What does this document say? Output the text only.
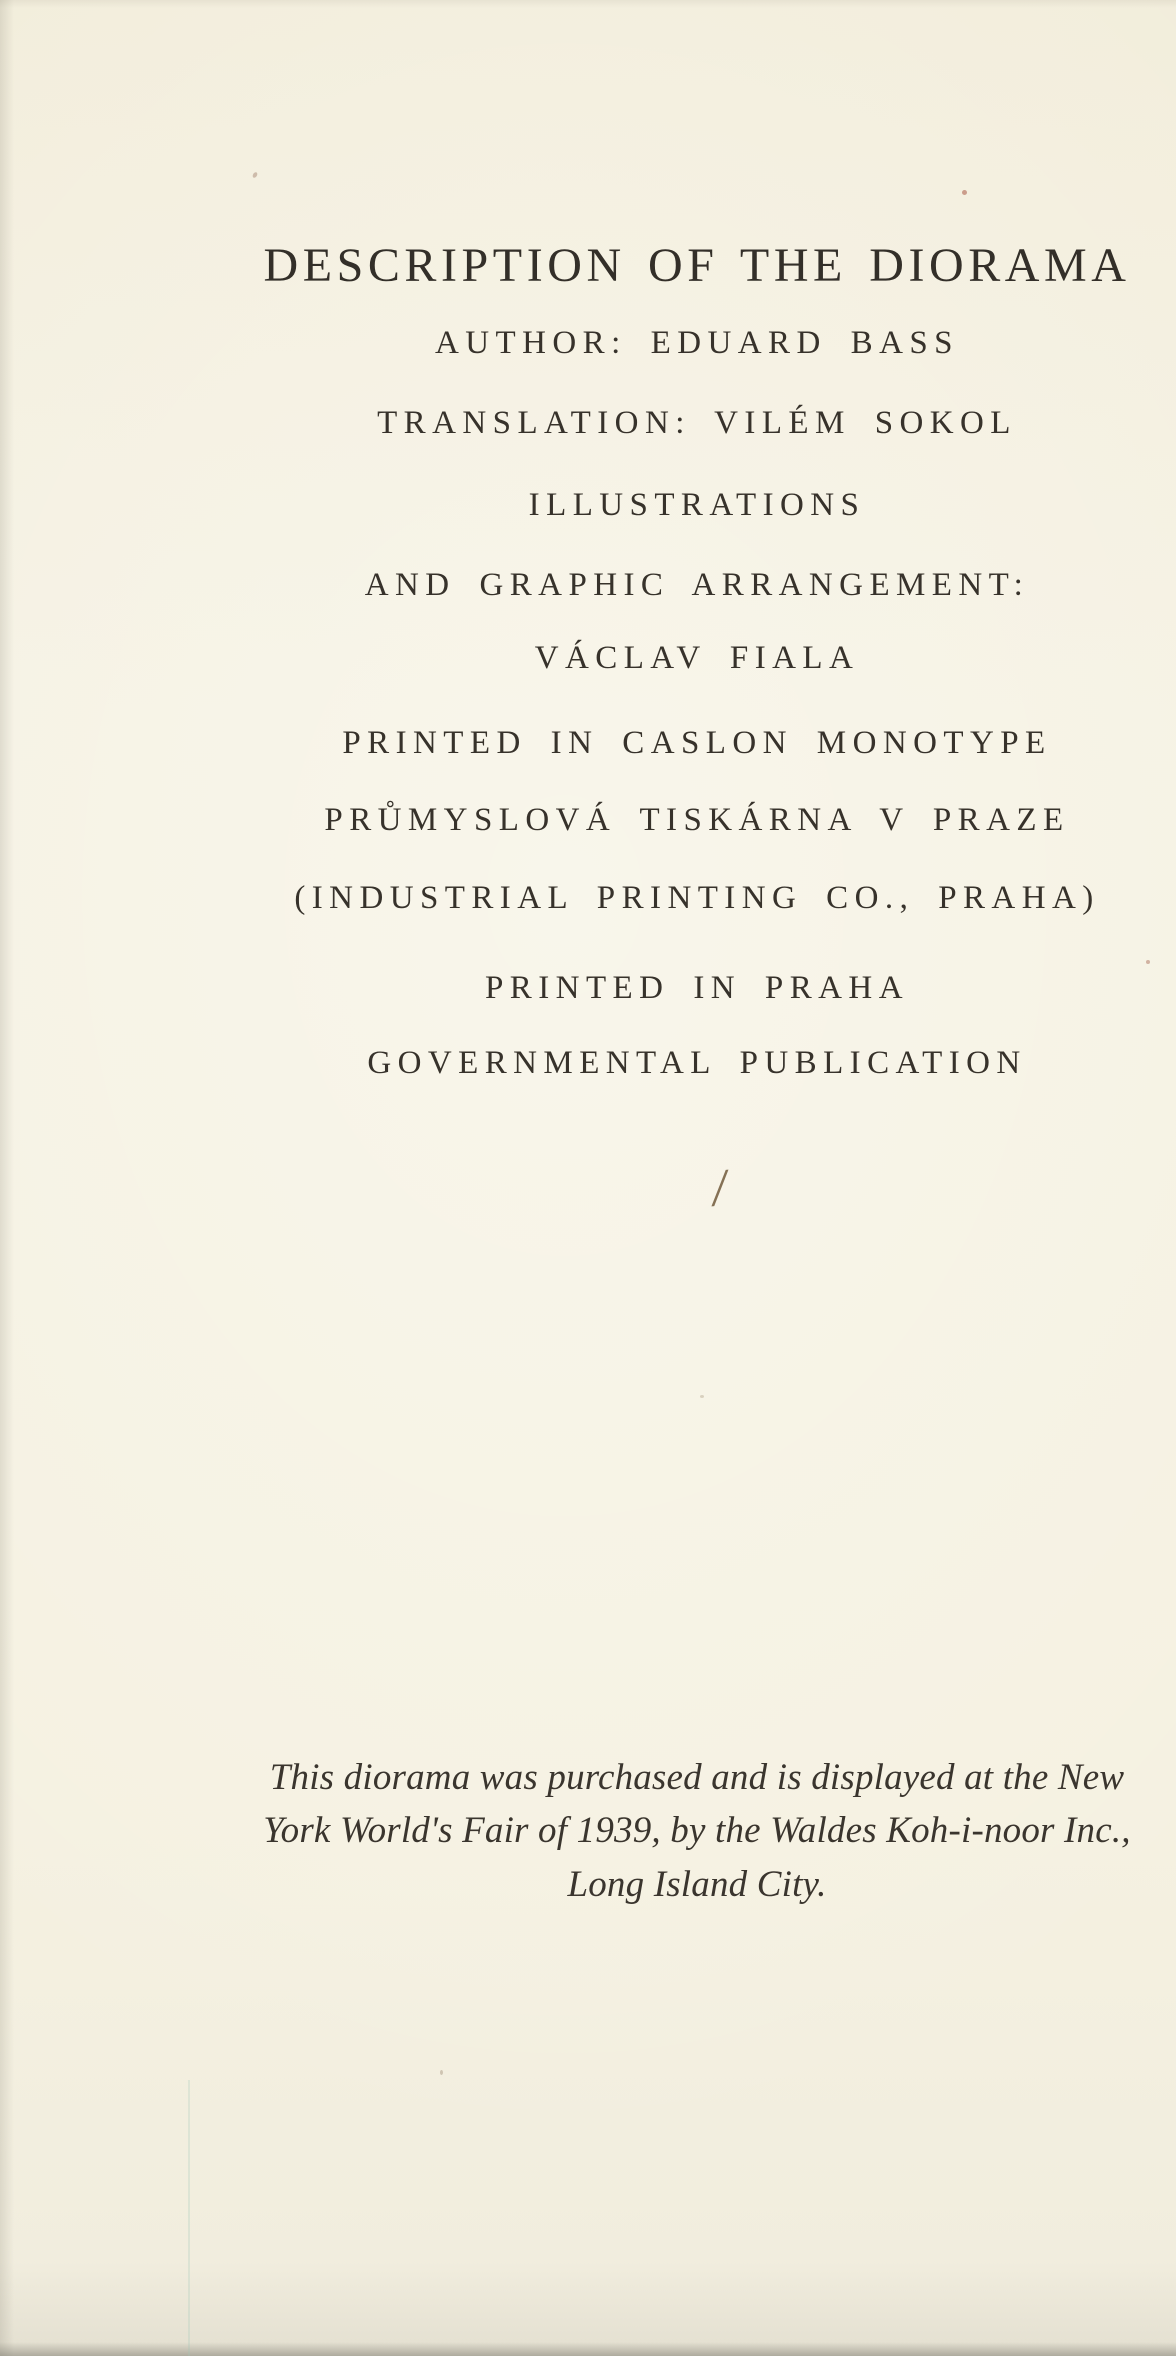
DESCRIPTION OF THE DIORAMA
AUTHOR: EDUARD BASS
TRANSLATION: VILÉM SOKOL
ILLUSTRATIONS
AND GRAPHIC ARRANGEMENT:
VÁCLAV FIALA
PRINTED IN CASLON MONOTYPE
PRŮMYSLOVÁ TISKÁRNA V PRAZE
(INDUSTRIAL PRINTING CO., PRAHA)
PRINTED IN PRAHA
GOVERNMENTAL PUBLICATION
This diorama was purchased and is displayed at the New
York World's Fair of 1939, by the Waldes Koh-i-noor Inc.,
Long Island City.
/
